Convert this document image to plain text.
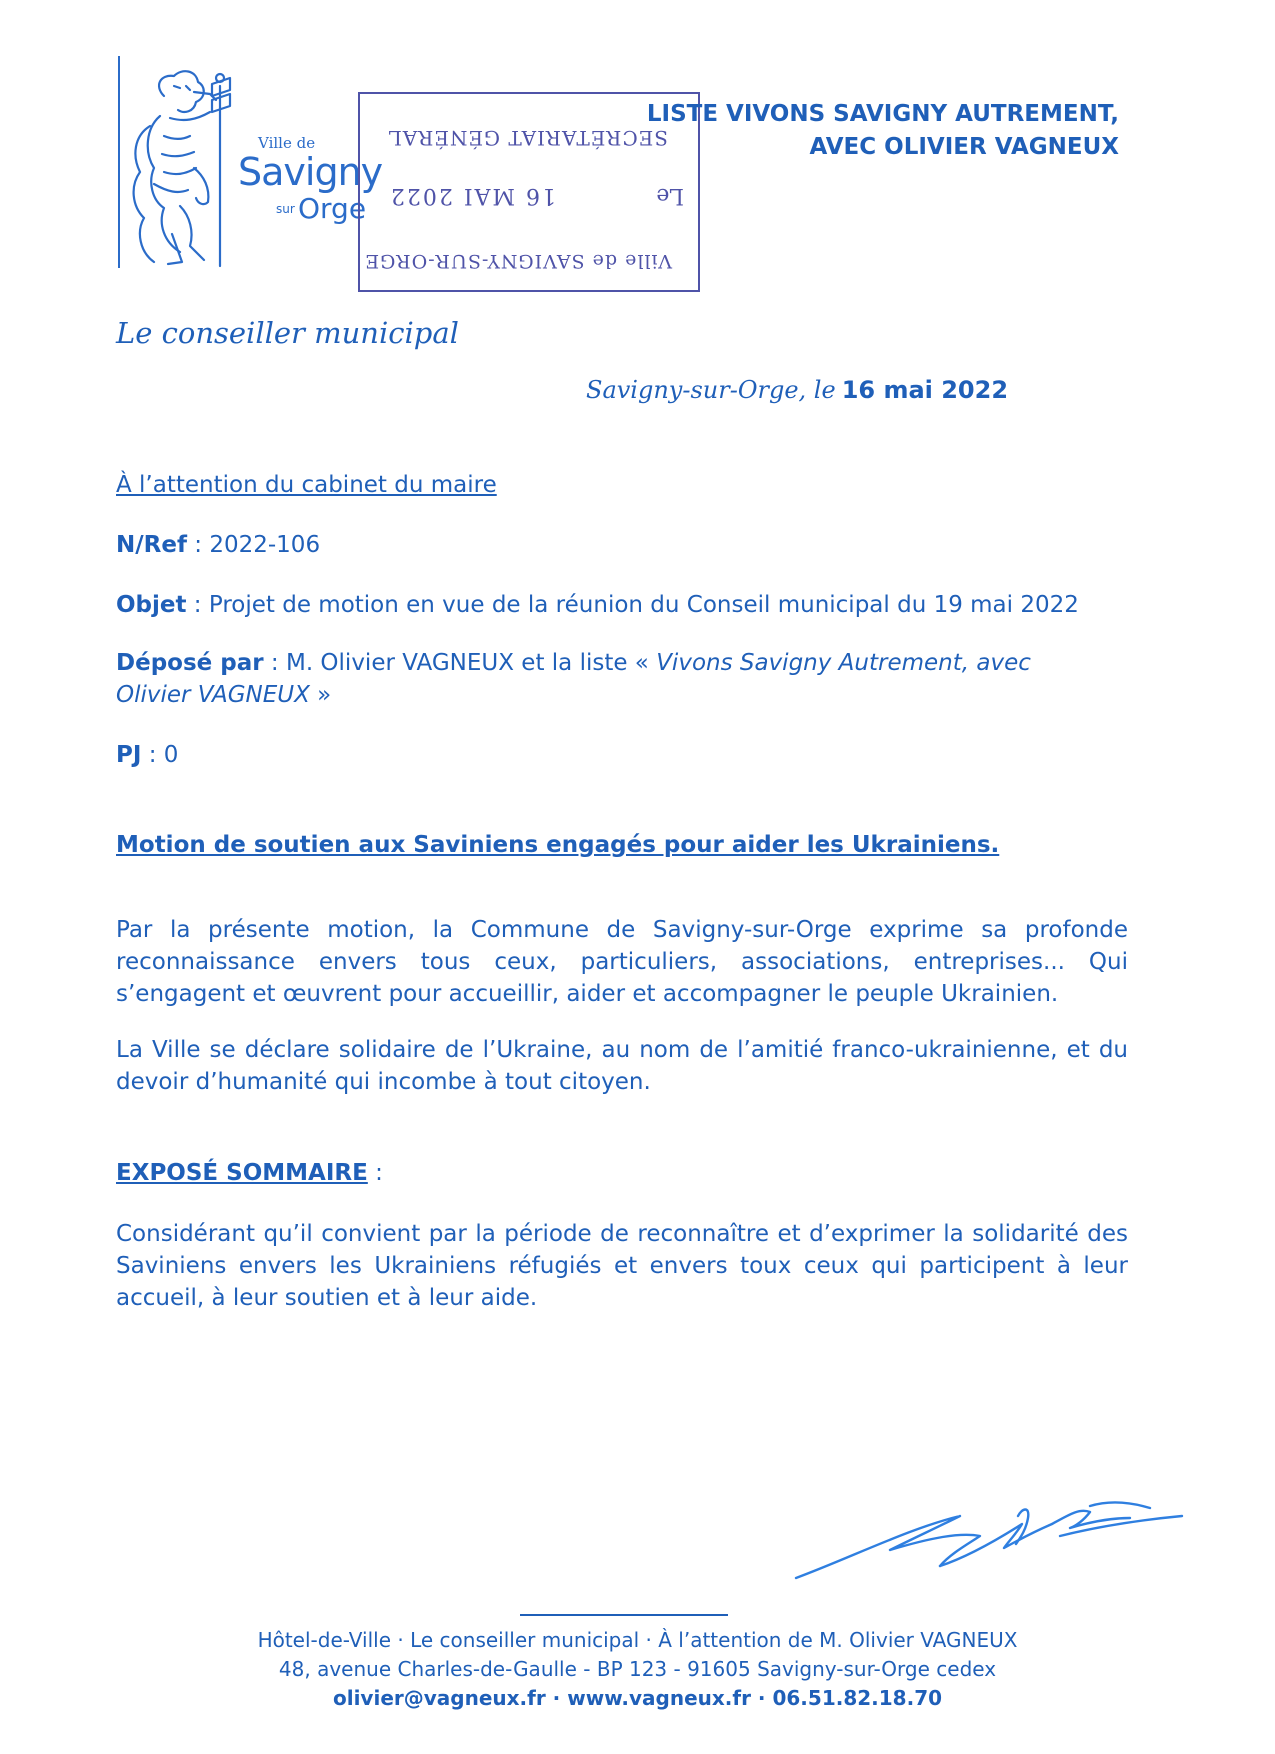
Ville de
Savigny
sur Orge
Ville de SAVIGNY-SUR-ORGE
Le
16 MAI 2022
SECRÉTARIAT GÉNÉRAL
LISTE VIVONS SAVIGNY AUTREMENT,
AVEC OLIVIER VAGNEUX
Le conseiller municipal
Savigny-sur-Orge, le 16 mai 2022
À l’attention du cabinet du maire
N/Ref : 2022-106
Objet : Projet de motion en vue de la réunion du Conseil municipal du 19 mai 2022
Déposé par : M. Olivier VAGNEUX et la liste « Vivons Savigny Autrement, avec
Olivier VAGNEUX »
PJ : 0
Motion de soutien aux Saviniens engagés pour aider les Ukrainiens.
Par la présente motion, la Commune de Savigny-sur-Orge exprime sa profonde reconnaissance envers tous ceux, particuliers, associations, entreprises... Qui s’engagent et œuvrent pour accueillir, aider et accompagner le peuple Ukrainien.
La Ville se déclare solidaire de l’Ukraine, au nom de l’amitié franco-ukrainienne, et du devoir d’humanité qui incombe à tout citoyen.
EXPOSÉ SOMMAIRE :
Considérant qu’il convient par la période de reconnaître et d’exprimer la solidarité des Saviniens envers les Ukrainiens réfugiés et envers toux ceux qui participent à leur accueil, à leur soutien et à leur aide.
Hôtel-de-Ville · Le conseiller municipal · À l’attention de M. Olivier VAGNEUX
48, avenue Charles-de-Gaulle - BP 123 - 91605 Savigny-sur-Orge cedex
olivier@vagneux.fr · www.vagneux.fr · 06.51.82.18.70
